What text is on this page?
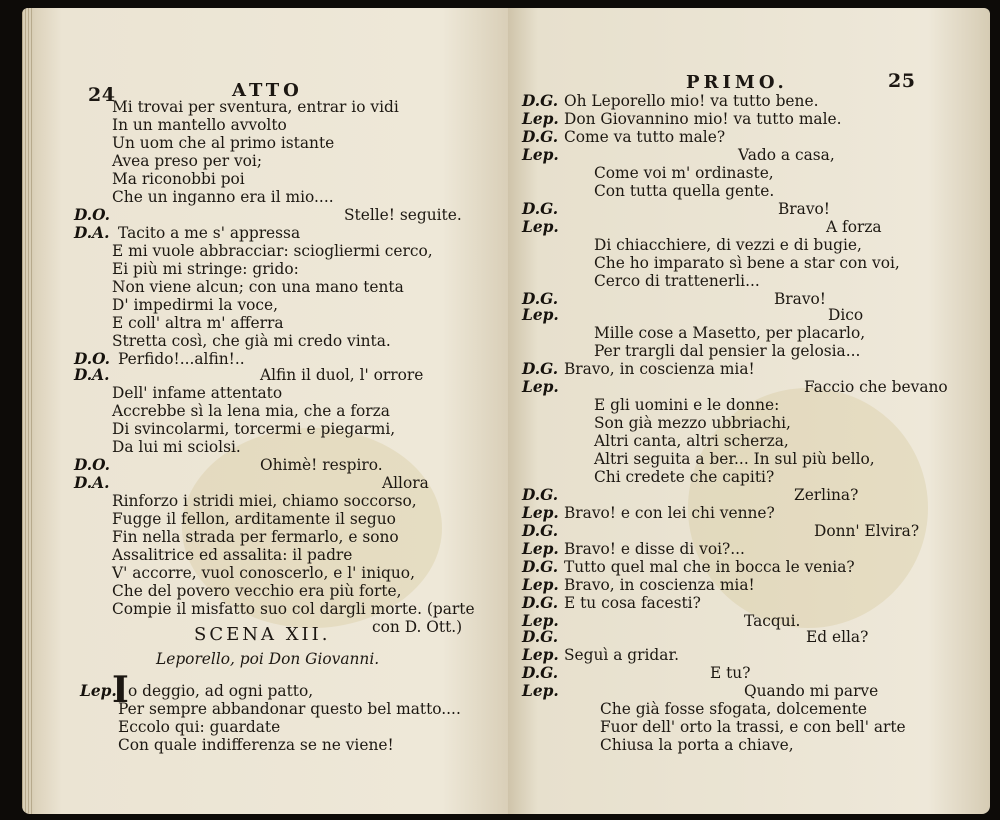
24	ATTO
SCENA XII.
Leporello, poi Don Giovanni.
I
Mi trovai per sventura, entrar io vidi
In un mantello avvolto
Un uom che al primo istante
Avea preso per voi;
Ma riconobbi poi
Che un inganno era il mio....
D.O.	Stelle! seguite.
D.A. Tacito a me s' appressa
E mi vuole abbracciar: sciogliermi cerco,
Ei più mi stringe: grido:
Non viene alcun; con una mano tenta
D' impedirmi la voce,
E coll' altra m' afferra
Stretta così, che già mi credo vinta.
D.O. Perfido!...alfin!..
D.A.	Alfin il duol, l' orrore
Dell' infame attentato
Accrebbe sì la lena mia, che a forza
Di svincolarmi, torcermi e piegarmi,
Da lui mi sciolsi.
D.O.	Ohimè! respiro.
D.A.	Allora
Rinforzo i stridi miei, chiamo soccorso,
Fugge il fellon, arditamente il seguo
Fin nella strada per fermarlo, e sono
Assalitrice ed assalita: il padre
V' accorre, vuol conoscerlo, e l' iniquo,
Che del povero vecchio era più forte,
Compie il misfatto suo col dargli morte. (parte
con D. Ott.)
Lep. o deggio, ad ogni patto,
Per sempre abbandonar questo bel matto....
Eccolo qui: guardate
Con quale indifferenza se ne viene!
25
PRIMO.
D.G. Oh Leporello mio! va tutto bene.
Lep. Don Giovannino mio! va tutto male.
D.G. Come va tutto male?
Lep.	Vado a casa,
Come voi m' ordinaste,
Con tutta quella gente.
D.G.	Bravo!
Lep.	A forza
Di chiacchiere, di vezzi e di bugie,
Che ho imparato sì bene a star con voi,
Cerco di trattenerli...
D.G.	Bravo!
Lep.	Dico
Mille cose a Masetto, per placarlo,
Per trargli dal pensier la gelosia...
D.G. Bravo, in coscienza mia!
Lep.	Faccio che bevano
E gli uomini e le donne:
Son già mezzo ubbriachi,
Altri canta, altri scherza,
Altri seguita a ber... In sul più bello,
Chi credete che capiti?
D.G.	Zerlina?
Lep. Bravo! e con lei chi venne?
D.G.	Donn' Elvira?
Lep. Bravo! e disse di voi?...
D.G. Tutto quel mal che in bocca le venia?
Lep. Bravo, in coscienza mia!
D.G. E tu cosa facesti?
Lep.	Tacqui.
D.G.	Ed ella?
Lep. Seguì a gridar.
D.G.	E tu?
Lep.	Quando mi parve
Che già fosse sfogata, dolcemente
Fuor dell' orto la trassi, e con bell' arte
Chiusa la porta a chiave,
